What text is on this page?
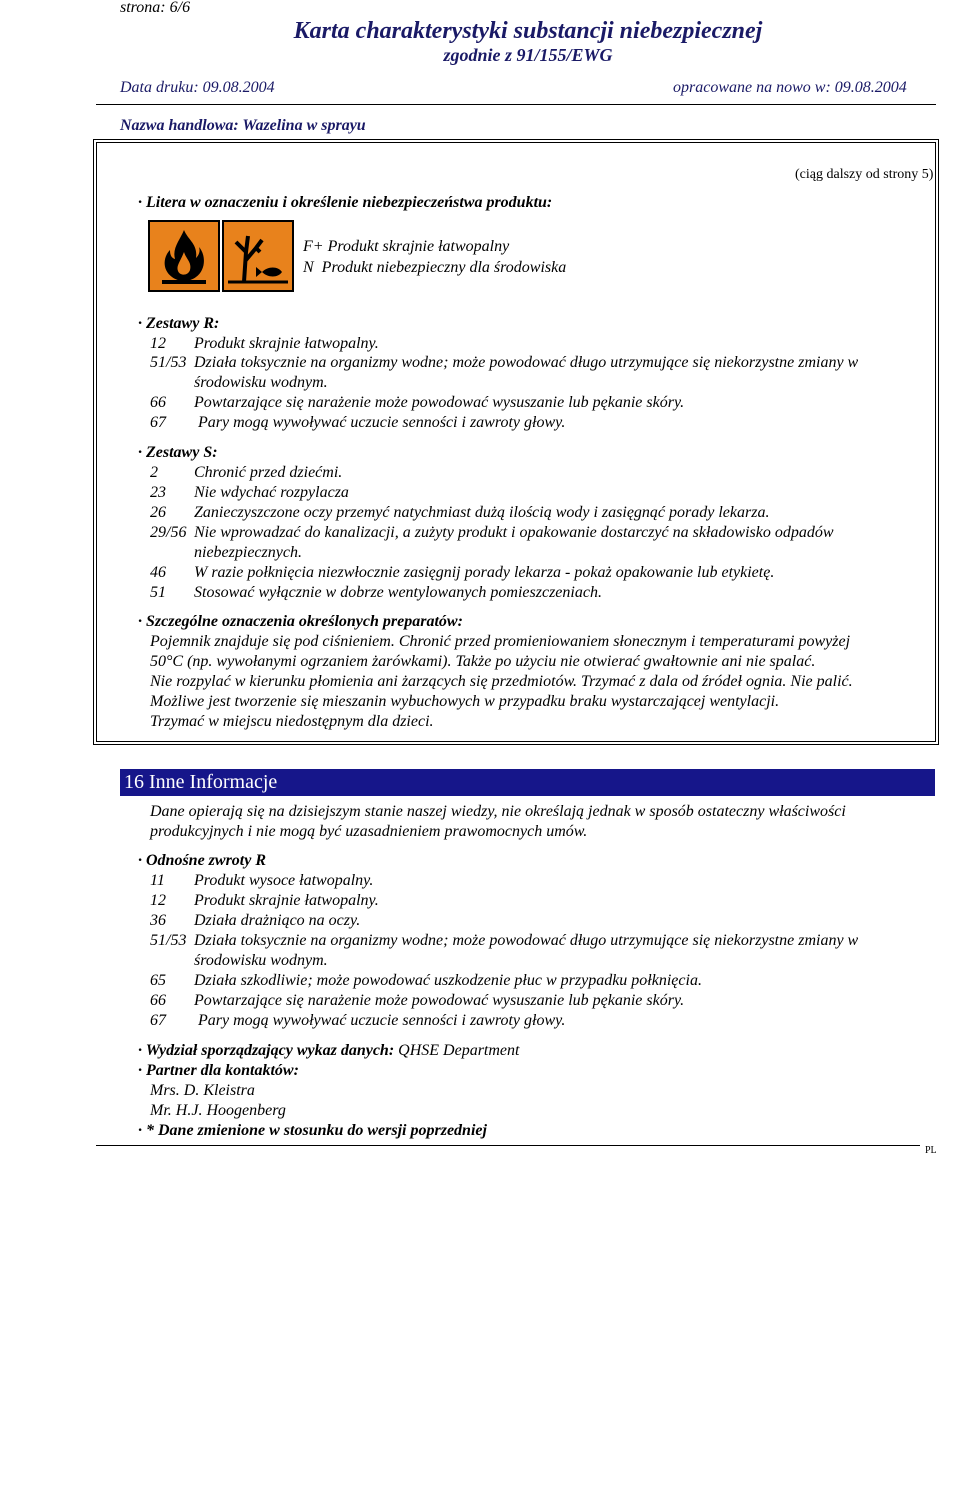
strona: 6/6
Karta charakterystyki substancji niebezpiecznej
zgodnie z 91/155/EWG
Data druku: 09.08.2004	opracowane na nowo w: 09.08.2004
Nazwa handlowa: Wazelina w sprayu
(ciąg dalszy od strony 5)
· Litera w oznaczeniu i określenie niebezpieczeństwa produktu:
F+ Produkt skrajnie łatwopalny
N  Produkt niebezpieczny dla środowiska
· Zestawy R:
12 Produkt skrajnie łatwopalny.
51/53 Działa toksycznie na organizmy wodne; może powodować długo utrzymujące się niekorzystne zmiany w
środowisku wodnym.
66 Powtarzające się narażenie może powodować wysuszanie lub pękanie skóry.
67 Pary mogą wywoływać uczucie senności i zawroty głowy.
· Zestawy S:
2 Chronić przed dziećmi.
23 Nie wdychać rozpylacza
26 Zanieczyszczone oczy przemyć natychmiast dużą ilością wody i zasięgnąć porady lekarza.
29/56 Nie wprowadzać do kanalizacji, a zużyty produkt i opakowanie dostarczyć na składowisko odpadów
niebezpiecznych.
46 W razie połknięcia niezwłocznie zasięgnij porady lekarza - pokaż opakowanie lub etykietę.
51 Stosować wyłącznie w dobrze wentylowanych pomieszczeniach.
· Szczególne oznaczenia określonych preparatów:
Pojemnik znajduje się pod ciśnieniem. Chronić przed promieniowaniem słonecznym i temperaturami powyżej
50°C (np. wywołanymi ogrzaniem żarówkami). Także po użyciu nie otwierać gwałtownie ani nie spalać.
Nie rozpylać w kierunku płomienia ani żarzących się przedmiotów. Trzymać z dala od źródeł ognia. Nie palić.
Możliwe jest tworzenie się mieszanin wybuchowych w przypadku braku wystarczającej wentylacji.
Trzymać w miejscu niedostępnym dla dzieci.
16 Inne Informacje
Dane opierają się na dzisiejszym stanie naszej wiedzy, nie określają jednak w sposób ostateczny właściwości
produkcyjnych i nie mogą być uzasadnieniem prawomocnych umów.
· Odnośne zwroty R
11 Produkt wysoce łatwopalny.
12 Produkt skrajnie łatwopalny.
36 Działa drażniąco na oczy.
51/53 Działa toksycznie na organizmy wodne; może powodować długo utrzymujące się niekorzystne zmiany w
środowisku wodnym.
65 Działa szkodliwie; może powodować uszkodzenie płuc w przypadku połknięcia.
66 Powtarzające się narażenie może powodować wysuszanie lub pękanie skóry.
67 Pary mogą wywoływać uczucie senności i zawroty głowy.
· Wydział sporządzający wykaz danych: QHSE Department
· Partner dla kontaktów:
Mrs. D. Kleistra
Mr. H.J. Hoogenberg
· * Dane zmienione w stosunku do wersji poprzedniej
PL
